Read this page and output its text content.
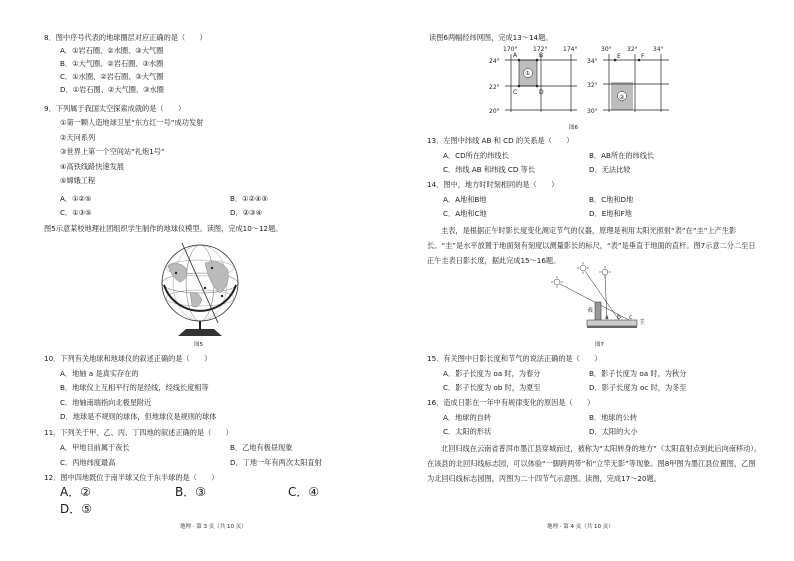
8．图中序号代表的地球圈层对应正确的是（　　）
A．①岩石圈、②水圈、③大气圈
B．①大气圈、②岩石圈、③水圈
C．①水圈、②岩石圈、③大气圈
D．①岩石圈、②大气圈、③水圈
9．下列属于我国太空探索成就的是（　　）
①第一颗人造地球卫星“东方红一号”成功发射
②天问系列
③世界上第一个空间站“礼炮1号”
④高铁线路快速发展
⑤嫦娥工程
A．①②⑤	B．①②④⑤
C．①③⑤	D．②③④
图5示意某校地理社团组织学生制作的地球仪模型。读图，完成10～12题。
图5
10．下列有关地球和地球仪的叙述正确的是（　　）
A．地轴 a 是真实存在的
B．地球仪上互相平行的是经线，经线长度相等
C．地轴南端指向北极星附近
D．地球是不规则的球体，但地球仪是规则的球体
11．下列关于甲、乙、丙、丁四地的叙述正确的是（　　）
A．甲地目前属于夜长	B．乙地有极昼现象
C．丙地纬度最高	D．丁地一年有两次太阳直射
12．图中四地既位于南半球又位于东半球的是（　　）
A．②	B．③	C．④
D．⑤
地理 · 第 3 页（共 10 页）
读图6两幅经纬网图，完成13～14题。
170°	172°	174°
24°
22°
20°
A	B
C	D
①
30°	32°	34°
34°
32°
30°
E	F
②
图6
13．左图中纬线 AB 和 CD 的关系是（　　）
A．CD所在的纬线长	B．AB所在的纬线长
C．纬线 AB 和纬线 CD 等长	D．无法比较
14．图中，地方时时刻相同的是（　　）
A．A地和B地	B．C地和D地
C．A地和C地	D．E地和F地
圭表，是根据正午时影长度变化测定节气的仪器，原理是利用太阳光照射“表”在“圭”上产生影长。“圭”是水平放置于地面刻有刻度以测量影长的标尺，“表”是垂直于地面的直杆。图7示意二分二至日正午圭表日影长度，据此完成15～16题。
表
圭
a b c
图7
15．有关图中日影长度和节气的说法正确的是（　　）
A．影子长度为 oa 时，为春分	B．影子长度为 oa 时，为秋分
C．影子长度为 ob 时，为夏至	D．影子长度为 oc 时，为冬至
16．造成日影在一年中有规律变化的原因是（　　）
A．地球的自转	B．地球的公转
C．太阳的形状	D．太阳的大小
北回归线在云南省普洱市墨江县穿城而过，被称为“太阳转身的地方”（太阳直射点到此后向南移动）。在该县的北回归线标志园，可以体验“一脚跨两带”和“立竿无影”等现象。图8甲图为墨江县位置图，乙图为北回归线标志园图，丙图为二十四节气示意图。读图，完成17～20题。
地理 · 第 4 页（共 10 页）
